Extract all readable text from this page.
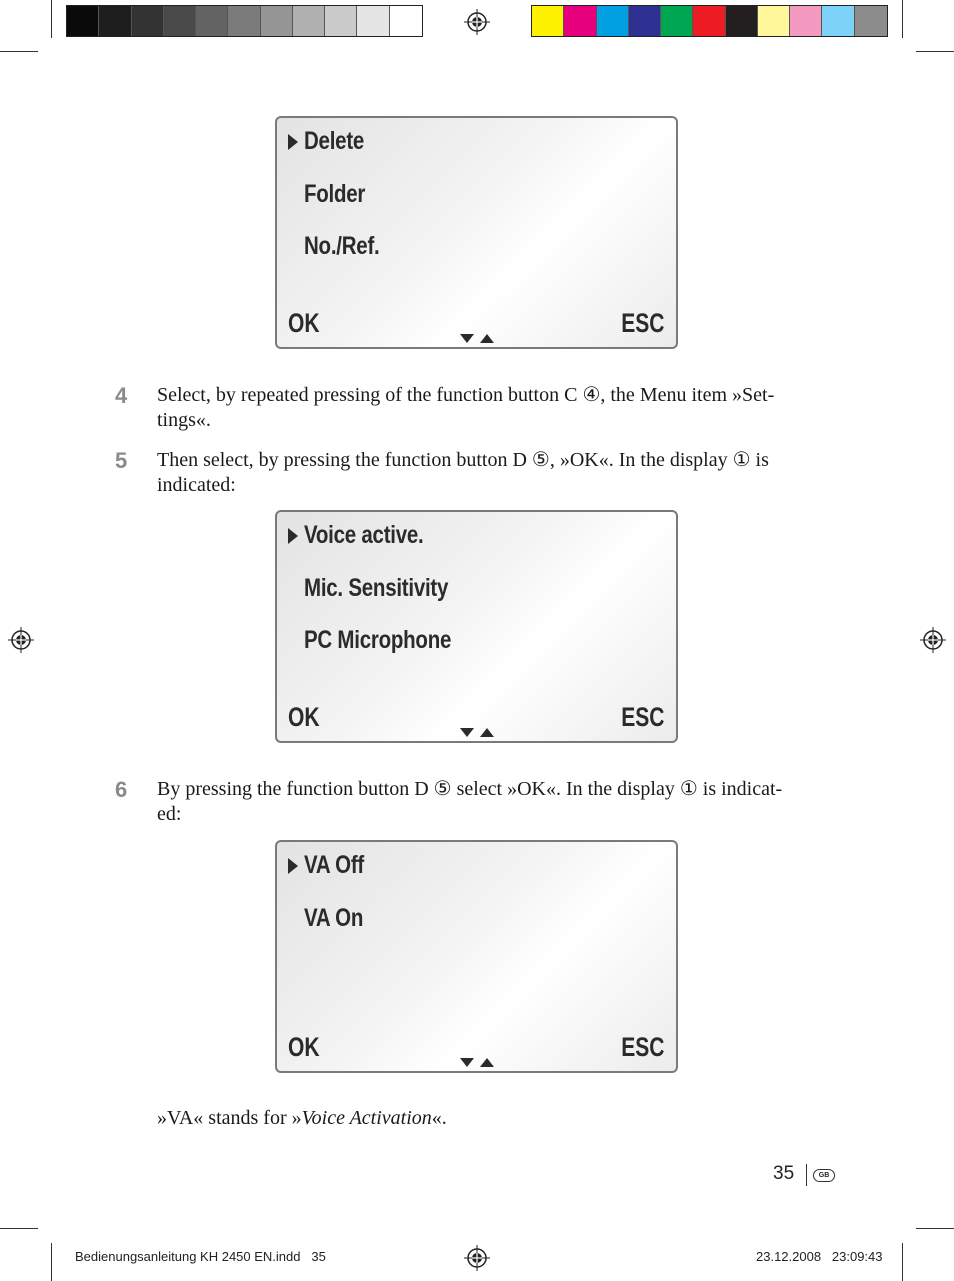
Delete
Folder
No./Ref.
OK	ESC
4 Select, by repeated pressing of the function button C ④, the Menu item »Set-
tings«.
5 Then select, by pressing the function button D ⑤, »OK«. In the display ① is
indicated:
Voice active.
Mic. Sensitivity
PC Microphone
OK	ESC
6 By pressing the function button D ⑤ select »OK«. In the display ① is indicat-
ed:
VA Off
VA On
OK	ESC
»VA« stands for »Voice Activation«.
35	GB
Bedienungsanleitung KH 2450 EN.indd   35	23.12.2008   23:09:43
